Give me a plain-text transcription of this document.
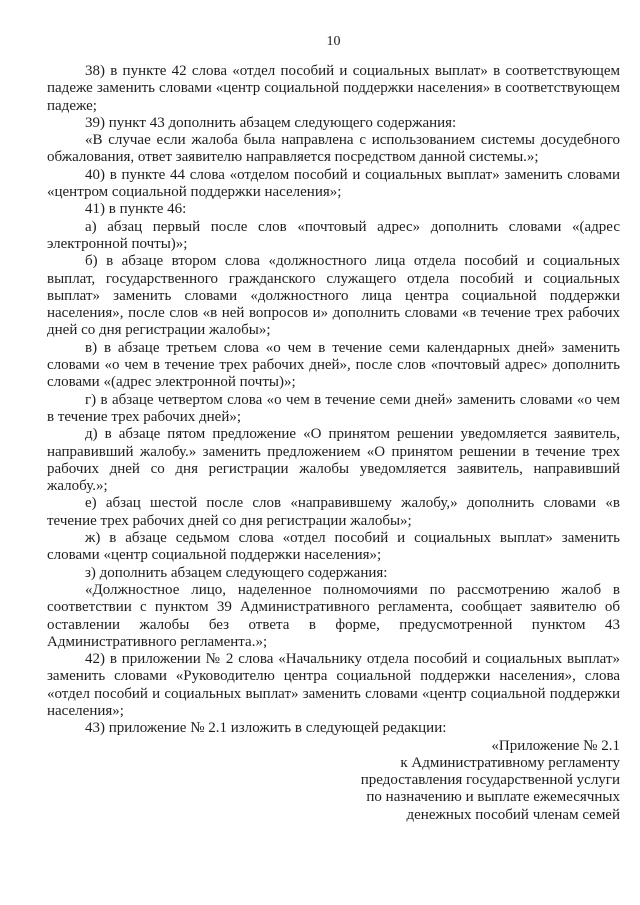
10

38) в пункте 42 слова «отдел пособий и социальных выплат» в соответствующем падеже заменить словами «центр социальной поддержки населения» в соответствующем падеже;

39) пункт 43 дополнить абзацем следующего содержания:

«В случае если жалоба была направлена с использованием системы досудебного обжалования, ответ заявителю направляется посредством данной системы.»;

40) в пункте 44 слова «отделом пособий и социальных выплат» заменить словами «центром социальной поддержки населения»;

41) в пункте 46:

а) абзац первый после слов «почтовый адрес» дополнить словами «(адрес электронной почты)»;

б) в абзаце втором слова «должностного лица отдела пособий и социальных выплат, государственного гражданского служащего отдела пособий и социальных выплат» заменить словами «должностного лица центра социальной поддержки населения», после слов «в ней вопросов и» дополнить словами «в течение трех рабочих дней со дня регистрации жалобы»;

в) в абзаце третьем слова «о чем в течение семи календарных дней» заменить словами «о чем в течение трех рабочих дней», после слов «почтовый адрес» дополнить словами «(адрес электронной почты)»;

г) в абзаце четвертом слова «о чем в течение семи дней» заменить словами «о чем в течение трех рабочих дней»;

д) в абзаце пятом предложение «О принятом решении уведомляется заявитель, направивший жалобу.» заменить предложением «О принятом решении в течение трех рабочих дней со дня регистрации жалобы уведомляется заявитель, направивший жалобу.»;

е) абзац шестой после слов «направившему жалобу,» дополнить словами «в течение трех рабочих дней со дня регистрации жалобы»;

ж) в абзаце седьмом слова «отдел пособий и социальных выплат» заменить словами «центр социальной поддержки населения»;

з) дополнить абзацем следующего содержания:

«Должностное лицо, наделенное полномочиями по рассмотрению жалоб в соответствии с пунктом 39 Административного регламента, сообщает заявителю об оставлении жалобы без ответа в форме, предусмотренной пунктом 43 Административного регламента.»;

42) в приложении № 2 слова «Начальнику отдела пособий и социальных выплат» заменить словами «Руководителю центра социальной поддержки населения», слова «отдел пособий и социальных выплат» заменить словами «центр социальной поддержки населения»;

43) приложение № 2.1 изложить в следующей редакции:

«Приложение № 2.1
к Административному регламенту
предоставления государственной услуги
по назначению и выплате ежемесячных
денежных пособий членам семей
